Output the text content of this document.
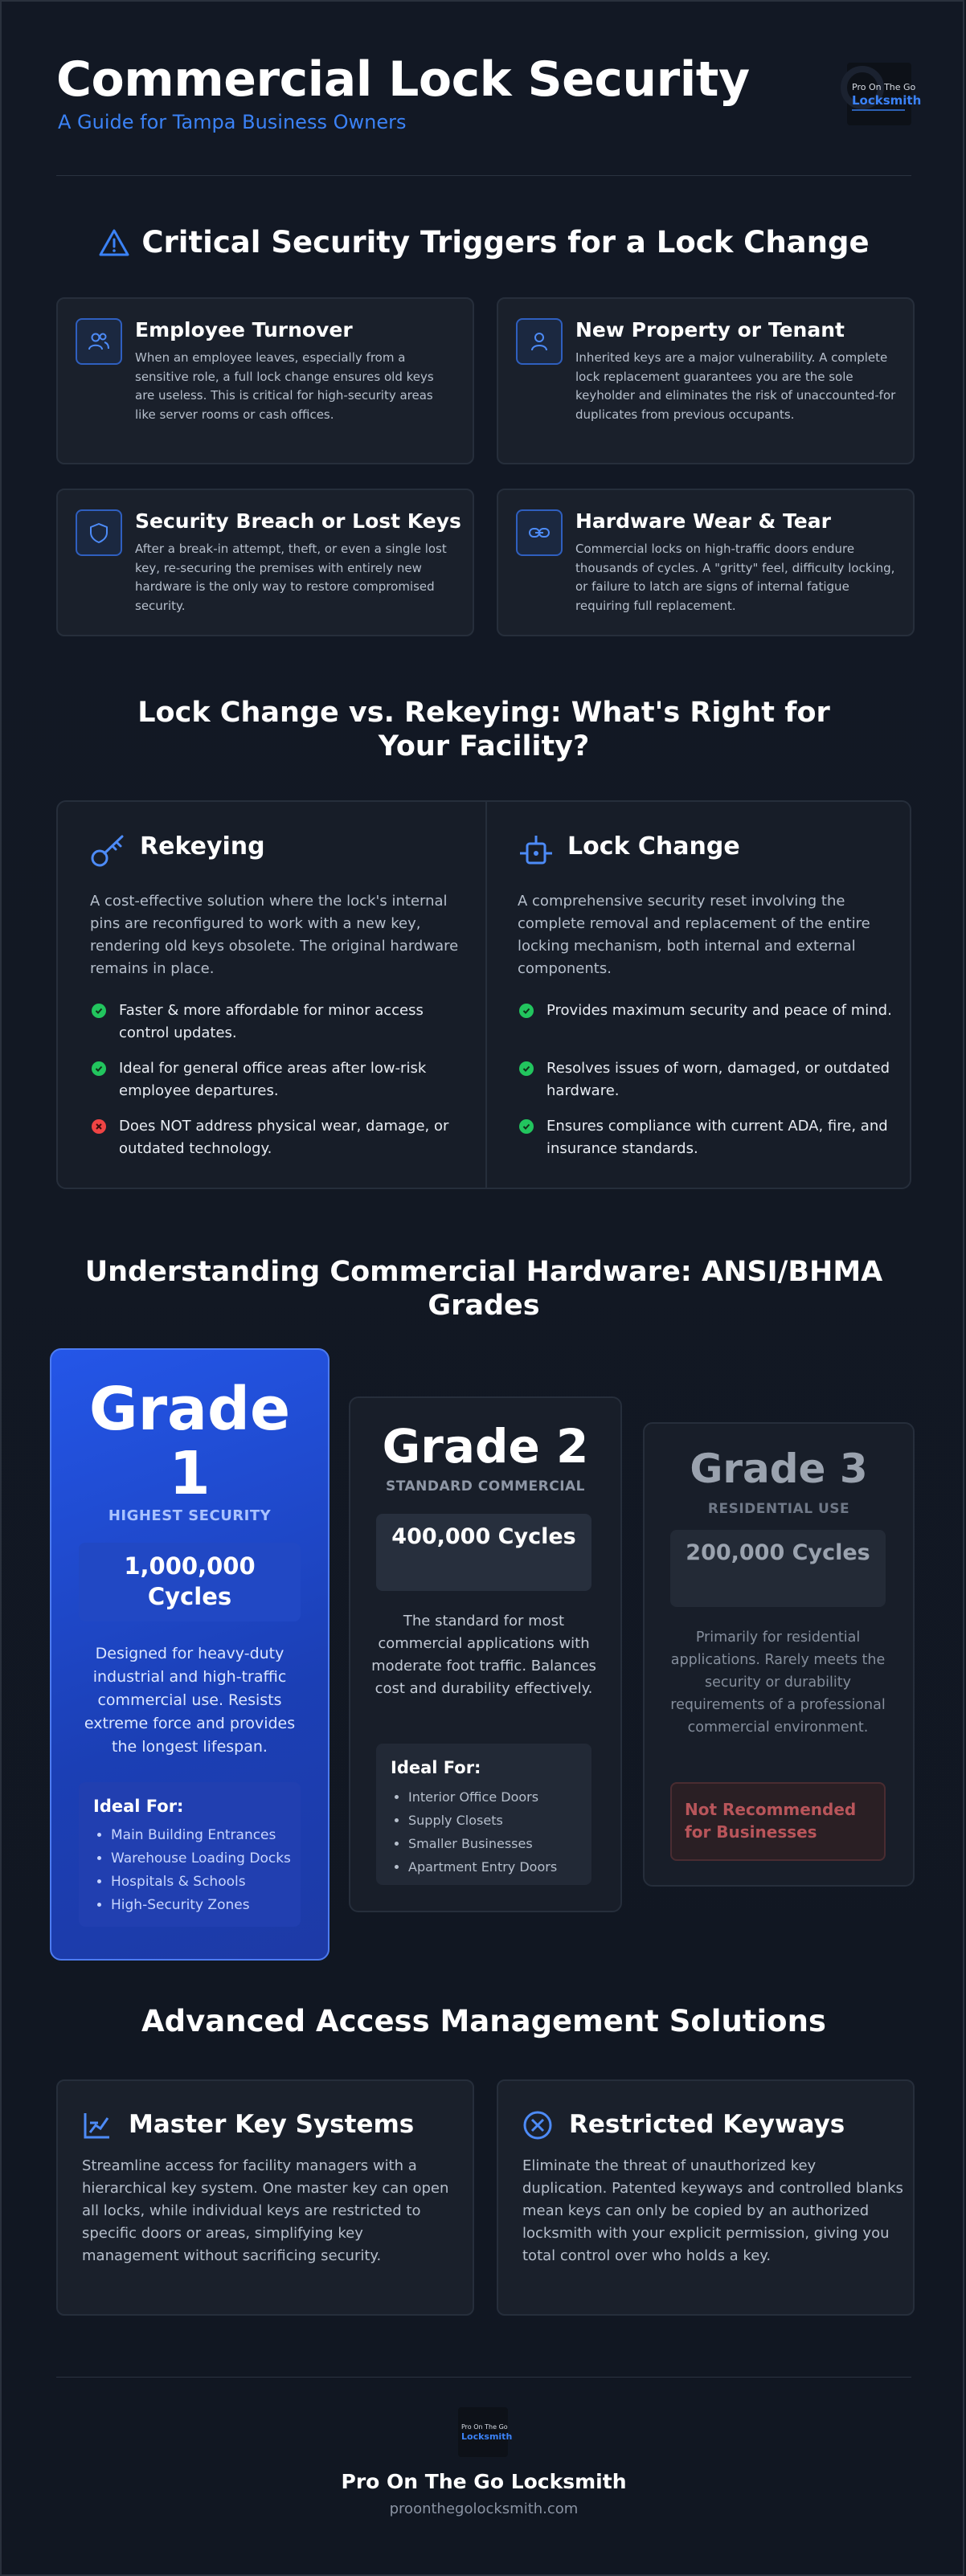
Commercial Lock Security
A Guide for Tampa Business Owners
Pro On The Go
Locksmith
Critical Security Triggers for a Lock Change
Employee Turnover
When an employee leaves, especially from a sensitive role, a full lock change ensures old keys are useless. This is critical for high-security areas like server rooms or cash offices.
New Property or Tenant
Inherited keys are a major vulnerability. A complete lock replacement guarantees you are the sole keyholder and eliminates the risk of unaccounted-for duplicates from previous occupants.
Security Breach or Lost Keys
After a break-in attempt, theft, or even a single lost key, re-securing the premises with entirely new hardware is the only way to restore compromised security.
Hardware Wear & Tear
Commercial locks on high-traffic doors endure thousands of cycles. A "gritty" feel, difficulty locking, or failure to latch are signs of internal fatigue requiring full replacement.
Lock Change vs. Rekeying: What's Right for Your Facility?
Rekeying
A cost-effective solution where the lock's internal pins are reconfigured to work with a new key, rendering old keys obsolete. The original hardware remains in place.
Faster & more affordable for minor access control updates.
Ideal for general office areas after low-risk employee departures.
Does NOT address physical wear, damage, or outdated technology.
Lock Change
A comprehensive security reset involving the complete removal and replacement of the entire locking mechanism, both internal and external components.
Provides maximum security and peace of mind.
Resolves issues of worn, damaged, or outdated hardware.
Ensures compliance with current ADA, fire, and insurance standards.
Understanding Commercial Hardware: ANSI/BHMA Grades
Grade 1
HIGHEST SECURITY
1,000,000 Cycles
Designed for heavy-duty industrial and high-traffic commercial use. Resists extreme force and provides the longest lifespan.
Ideal For:
• Main Building Entrances
• Warehouse Loading Docks
• Hospitals & Schools
• High-Security Zones
Grade 2
STANDARD COMMERCIAL
400,000 Cycles
The standard for most commercial applications with moderate foot traffic. Balances cost and durability effectively.
Ideal For:
• Interior Office Doors
• Supply Closets
• Smaller Businesses
• Apartment Entry Doors
Grade 3
RESIDENTIAL USE
200,000 Cycles
Primarily for residential applications. Rarely meets the security or durability requirements of a professional commercial environment.
Not Recommended for Businesses
Advanced Access Management Solutions
Master Key Systems
Streamline access for facility managers with a hierarchical key system. One master key can open all locks, while individual keys are restricted to specific doors or areas, simplifying key management without sacrificing security.
Restricted Keyways
Eliminate the threat of unauthorized key duplication. Patented keyways and controlled blanks mean keys can only be copied by an authorized locksmith with your explicit permission, giving you total control over who holds a key.
Pro On The Go
Locksmith
Pro On The Go Locksmith
proonthegolocksmith.com
